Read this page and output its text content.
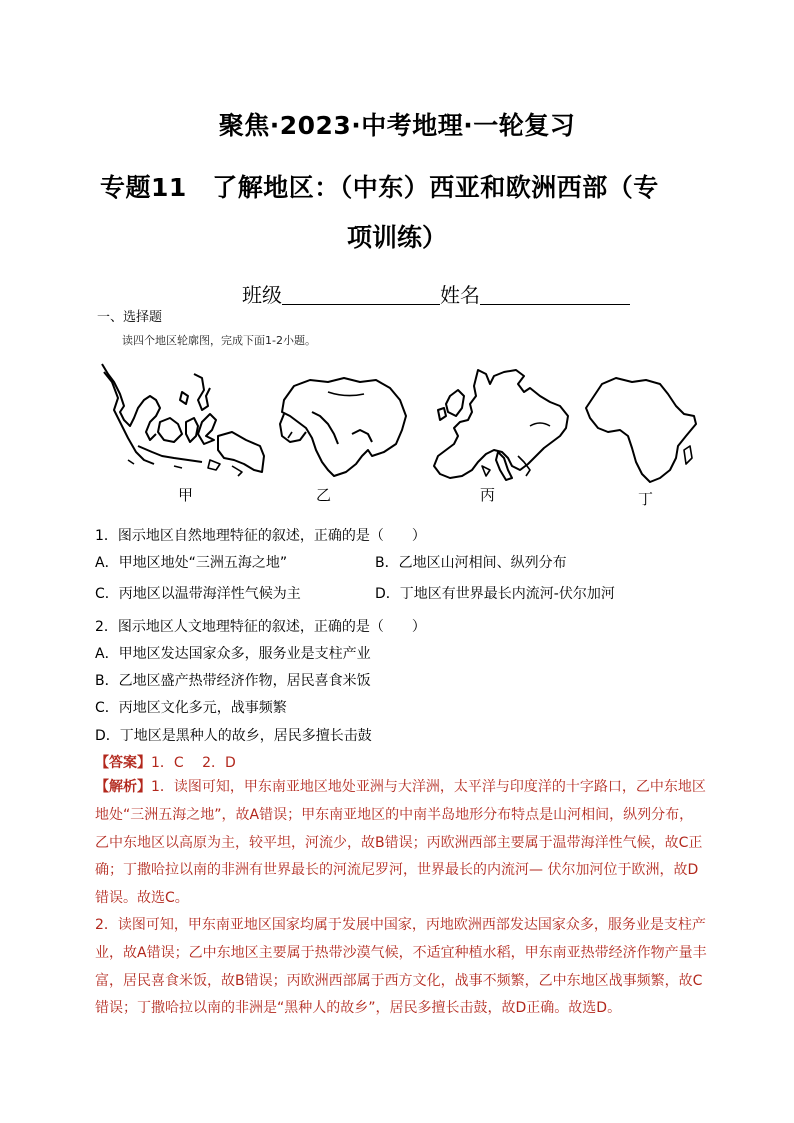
聚焦·2023·中考地理·一轮复习
专题11　了解地区：（中东）西亚和欧洲西部（专
项训练）
班级	姓名
一、选择题
读四个地区轮廓图，完成下面1-2小题。
甲	乙	丙	丁
1．图示地区自然地理特征的叙述，正确的是（　　）
A．甲地区地处“三洲五海之地”	B．乙地区山河相间、纵列分布
C．丙地区以温带海洋性气候为主	D．丁地区有世界最长内流河-伏尔加河
2．图示地区人文地理特征的叙述，正确的是（　　）
A．甲地区发达国家众多，服务业是支柱产业
B．乙地区盛产热带经济作物，居民喜食米饭
C．丙地区文化多元，战事频繁
D．丁地区是黑种人的故乡，居民多擅长击鼓
【答案】1．C　 2．D
【解析】1．读图可知，甲东南亚地区地处亚洲与大洋洲，太平洋与印度洋的十字路口，乙中东地区地处“三洲五海之地”，故A错误；甲东南亚地区的中南半岛地形分布特点是山河相间，纵列分布，乙中东地区以高原为主，较平坦，河流少，故B错误；丙欧洲西部主要属于温带海洋性气候，故C正确；丁撒哈拉以南的非洲有世界最长的河流尼罗河，世界最长的内流河— 伏尔加河位于欧洲，故D错误。故选C。
2．读图可知，甲东南亚地区国家均属于发展中国家，丙地欧洲西部发达国家众多，服务业是支柱产业，故A错误；乙中东地区主要属于热带沙漠气候，不适宜种植水稻，甲东南亚热带经济作物产量丰富，居民喜食米饭，故B错误；丙欧洲西部属于西方文化，战事不频繁，乙中东地区战事频繁，故C错误；丁撒哈拉以南的非洲是“黑种人的故乡”，居民多擅长击鼓，故D正确。故选D。
